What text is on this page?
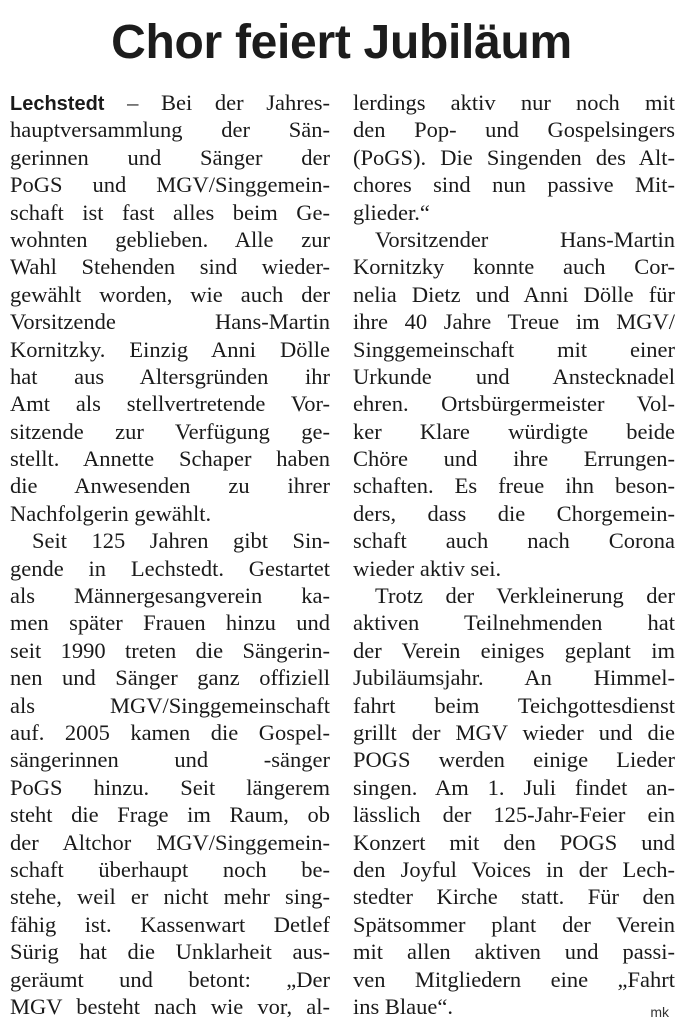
Chor feiert Jubiläum
Lechstedt – Bei der Jahres-
hauptversammlung der Sän-
gerinnen und Sänger der
PoGS und MGV/Singgemein-
schaft ist fast alles beim Ge-
wohnten geblieben. Alle zur
Wahl Stehenden sind wieder-
gewählt worden, wie auch der
Vorsitzende Hans-Martin
Kornitzky. Einzig Anni Dölle
hat aus Altersgründen ihr
Amt als stellvertretende Vor-
sitzende zur Verfügung ge-
stellt. Annette Schaper haben
die Anwesenden zu ihrer
Nachfolgerin gewählt.
Seit 125 Jahren gibt Sin-
gende in Lechstedt. Gestartet
als Männergesangverein ka-
men später Frauen hinzu und
seit 1990 treten die Sängerin-
nen und Sänger ganz offiziell
als MGV/Singgemeinschaft
auf. 2005 kamen die Gospel-
sängerinnen und -sänger
PoGS hinzu. Seit längerem
steht die Frage im Raum, ob
der Altchor MGV/Singgemein-
schaft überhaupt noch be-
stehe, weil er nicht mehr sing-
fähig ist. Kassenwart Detlef
Sürig hat die Unklarheit aus-
geräumt und betont: „Der
MGV besteht nach wie vor, al-
lerdings aktiv nur noch mit
den Pop- und Gospelsingers
(PoGS). Die Singenden des Alt-
chores sind nun passive Mit-
glieder.“
Vorsitzender Hans-Martin
Kornitzky konnte auch Cor-
nelia Dietz und Anni Dölle für
ihre 40 Jahre Treue im MGV/
Singgemeinschaft mit einer
Urkunde und Anstecknadel
ehren. Ortsbürgermeister Vol-
ker Klare würdigte beide
Chöre und ihre Errungen-
schaften. Es freue ihn beson-
ders, dass die Chorgemein-
schaft auch nach Corona
wieder aktiv sei.
Trotz der Verkleinerung der
aktiven Teilnehmenden hat
der Verein einiges geplant im
Jubiläumsjahr. An Himmel-
fahrt beim Teichgottesdienst
grillt der MGV wieder und die
POGS werden einige Lieder
singen. Am 1. Juli findet an-
lässlich der 125-Jahr-Feier ein
Konzert mit den POGS und
den Joyful Voices in der Lech-
stedter Kirche statt. Für den
Spätsommer plant der Verein
mit allen aktiven und passi-
ven Mitgliedern eine „Fahrt
ins Blaue“.	mk
